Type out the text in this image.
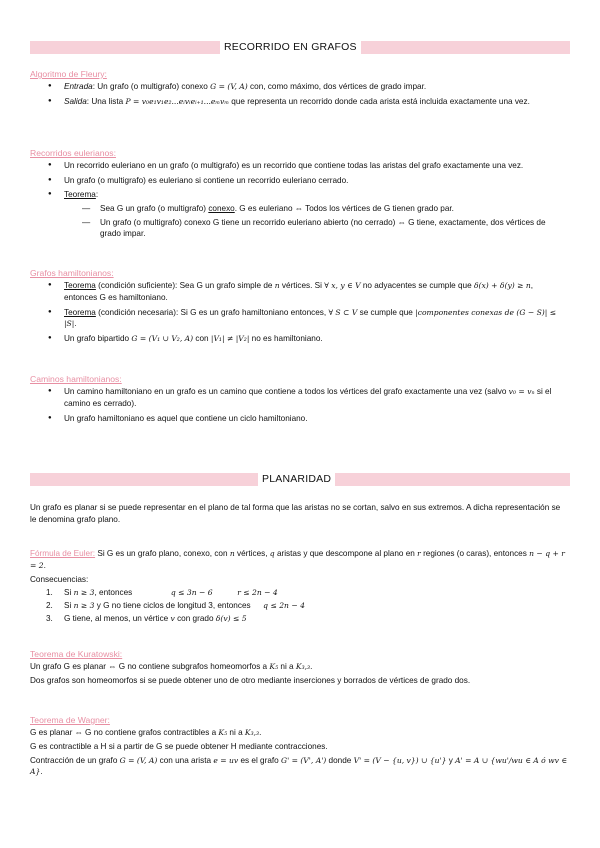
RECORRIDO EN GRAFOS
Algoritmo de Fleury:
● Entrada: Un grafo (o multigrafo) conexo G = (V, A) con, como máximo, dos vértices de grado impar.
● Salida: Una lista P = v₀e₁v₁e₂...eᵢvᵢeᵢ₊₁...eₘvₘ que representa un recorrido donde cada arista está incluida exactamente una vez.
Recorridos eulerianos:
● Un recorrido euleriano en un grafo (o multigrafo) es un recorrido que contiene todas las aristas del grafo exactamente una vez.
● Un grafo (o multigrafo) es euleriano si contiene un recorrido euleriano cerrado.
● Teorema:
— Sea G un grafo (o multigrafo) conexo. G es euleriano ⇔ Todos los vértices de G tienen grado par.
— Un grafo (o multigrafo) conexo G tiene un recorrido euleriano abierto (no cerrado) ⇔ G tiene, exactamente, dos vértices de grado impar.
Grafos hamiltonianos:
● Teorema (condición suficiente): Sea G un grafo simple de n vértices. Si ∀ x, y ∈ V no adyacentes se cumple que δ(x) + δ(y) ≥ n, entonces G es hamiltoniano.
● Teorema (condición necesaria): Si G es un grafo hamiltoniano entonces, ∀ S ⊂ V se cumple que |componentes conexas de (G − S)| ≤ |S|.
● Un grafo bipartido G = (V₁ ∪ V₂, A) con |V₁| ≠ |V₂| no es hamiltoniano.
Caminos hamiltonianos:
● Un camino hamiltoniano en un grafo es un camino que contiene a todos los vértices del grafo exactamente una vez (salvo v₀ = vₙ si el camino es cerrado).
● Un grafo hamiltoniano es aquel que contiene un ciclo hamiltoniano.
PLANARIDAD

Un grafo es planar si se puede representar en el plano de tal forma que las aristas no se cortan, salvo en sus extremos. A dicha representación se le denomina grafo plano.

Fórmula de Euler: Si G es un grafo plano, conexo, con n vértices, q aristas y que descompone al plano en r regiones (o caras), entonces n − q + r = 2.

Consecuencias:

1. Si n ≥ 3, entonces	q ≤ 3n − 6	r ≤ 2n − 4
2. Si n ≥ 3 y G no tiene ciclos de longitud 3, entonces q ≤ 2n − 4
3. G tiene, al menos, un vértice v con grado δ(v) ≤ 5
Teorema de Kuratowski:

Un grafo G es planar ⇔ G no contiene subgrafos homeomorfos a K₅ ni a K₃,₃.

Dos grafos son homeomorfos si se puede obtener uno de otro mediante inserciones y borrados de vértices de grado dos.

Teorema de Wagner:

G es planar ⇔ G no contiene grafos contractibles a K₅ ni a K₃,₃.

G es contractible a H si a partir de G se puede obtener H mediante contracciones.

Contracción de un grafo G = (V, A) con una arista e = uv es el grafo G' = (V', A') donde V' = (V − {u, v}) ∪ {u'} y A' = A ∪ {wu'/wu ∈ A ó wv ∈ A}.
